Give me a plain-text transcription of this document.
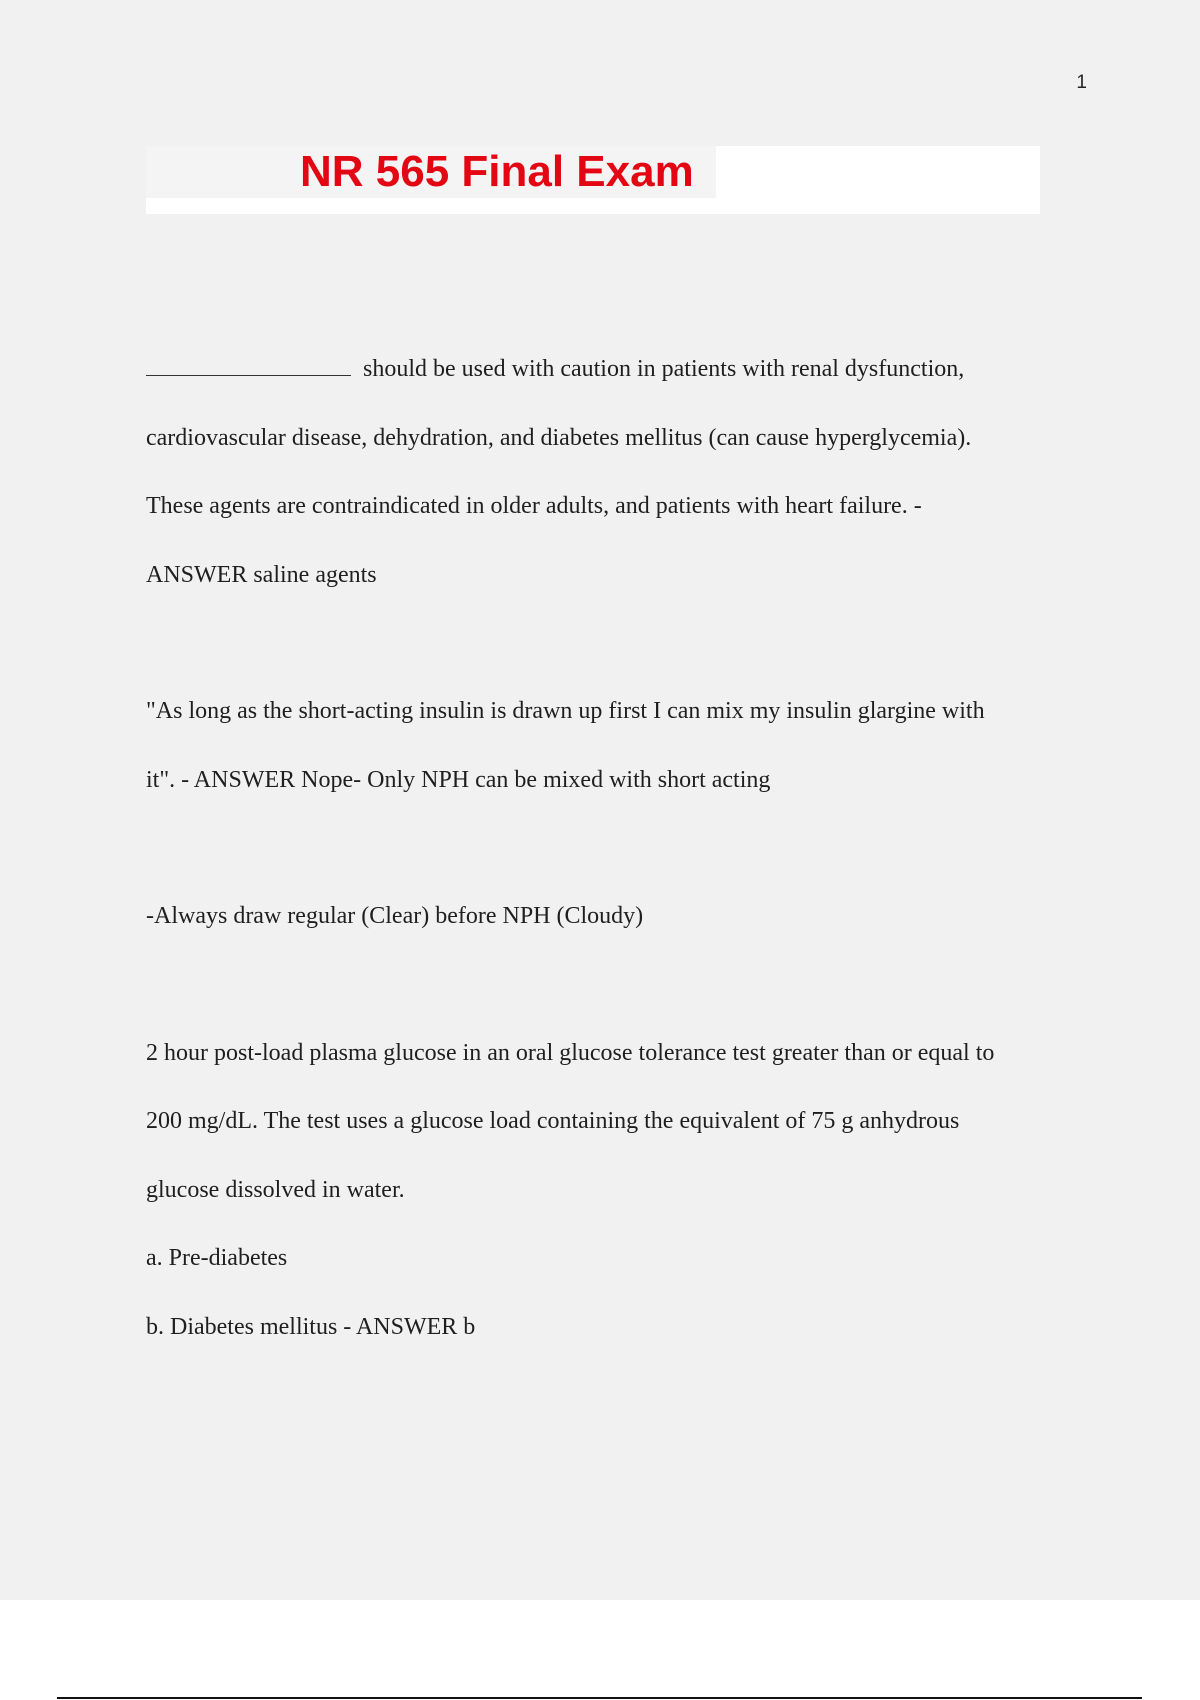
1
NR 565 Final Exam

should be used with caution in patients with renal dysfunction,

cardiovascular disease, dehydration, and diabetes mellitus (can cause hyperglycemia).

These agents are contraindicated in older adults, and patients with heart failure. -

ANSWER saline agents

"As long as the short-acting insulin is drawn up first I can mix my insulin glargine with

it". - ANSWER Nope- Only NPH can be mixed with short acting

-Always draw regular (Clear) before NPH (Cloudy)

2 hour post-load plasma glucose in an oral glucose tolerance test greater than or equal to

200 mg/dL. The test uses a glucose load containing the equivalent of 75 g anhydrous

glucose dissolved in water.

a. Pre-diabetes

b. Diabetes mellitus - ANSWER b
